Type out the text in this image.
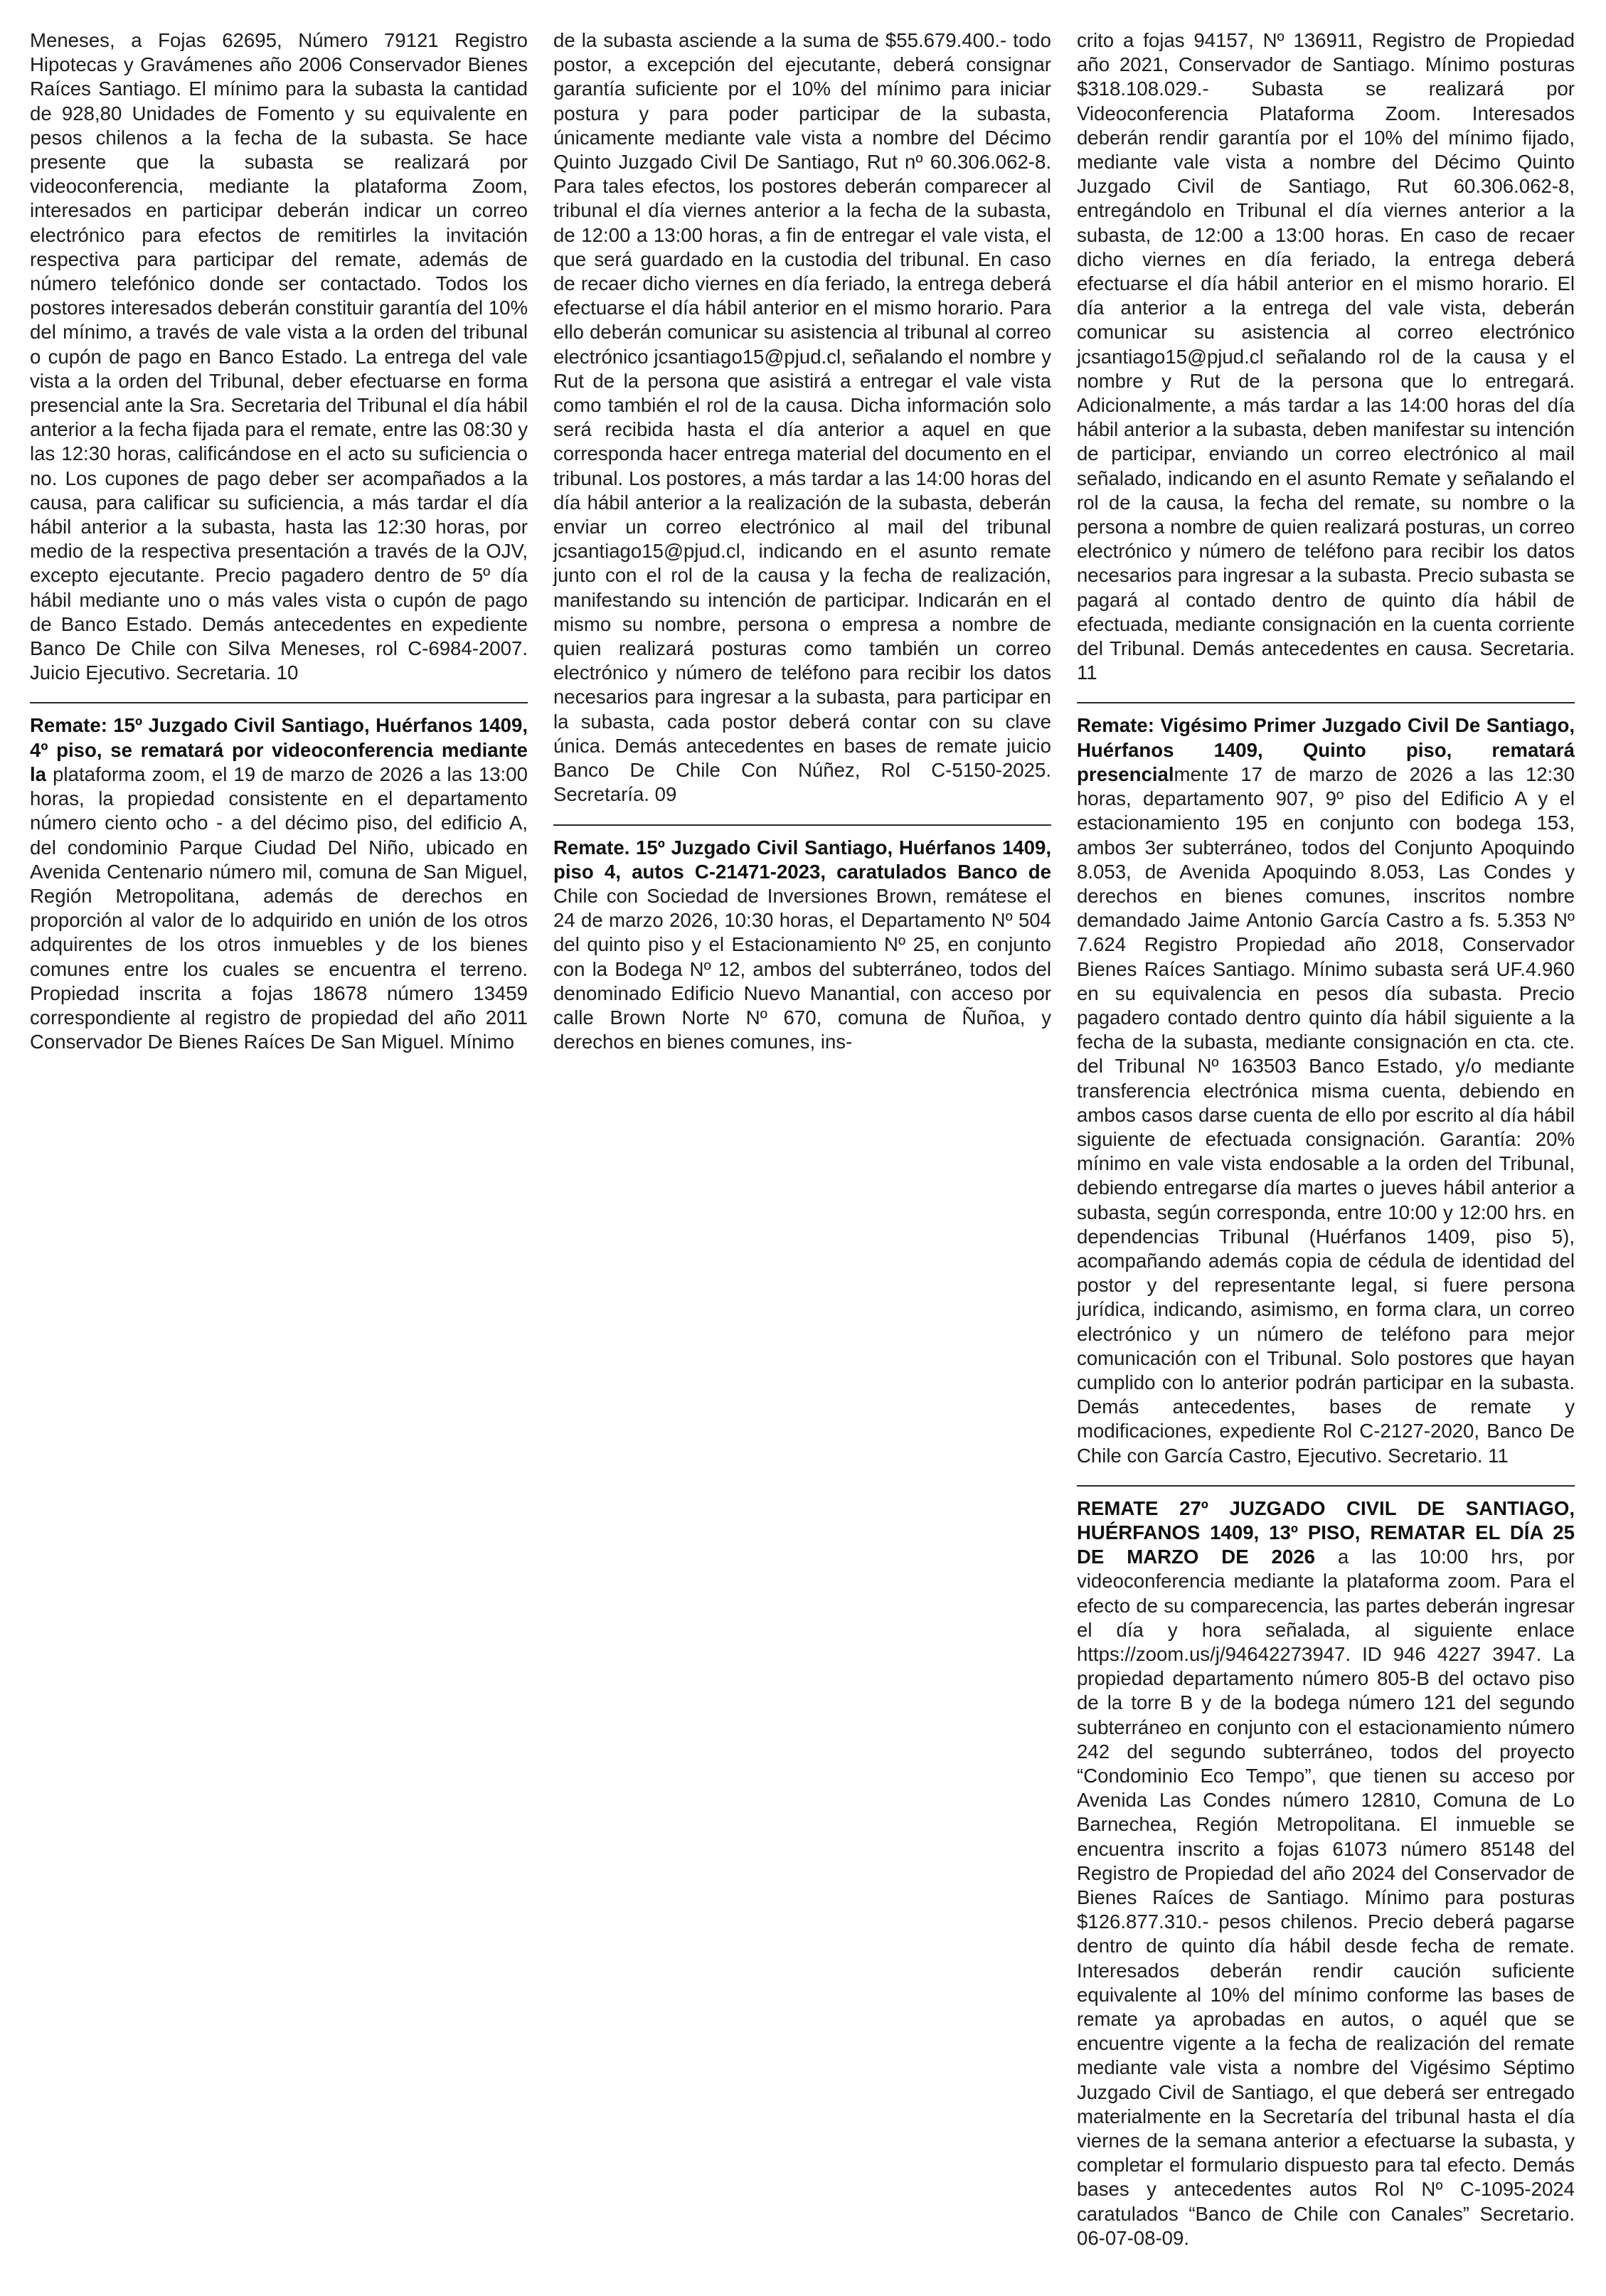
Meneses, a Fojas 62695, Número 79121 Registro Hipotecas y Gravámenes año 2006 Conservador Bienes Raíces Santiago. El mínimo para la subasta la cantidad de 928,80 Unidades de Fomento y su equivalente en pesos chilenos a la fecha de la subasta. Se hace presente que la subasta se realizará por videoconferencia, mediante la plataforma Zoom, interesados en participar deberán indicar un correo electrónico para efectos de remitirles la invitación respectiva para participar del remate, además de número telefónico donde ser contactado. Todos los postores interesados deberán constituir garantía del 10% del mínimo, a través de vale vista a la orden del tribunal o cupón de pago en Banco Estado. La entrega del vale vista a la orden del Tribunal, deber efectuarse en forma presencial ante la Sra. Secretaria del Tribunal el día hábil anterior a la fecha fijada para el remate, entre las 08:30 y las 12:30 horas, calificándose en el acto su suficiencia o no. Los cupones de pago deber ser acompañados a la causa, para calificar su suficiencia, a más tardar el día hábil anterior a la subasta, hasta las 12:30 horas, por medio de la respectiva presentación a través de la OJV, excepto ejecutante. Precio pagadero dentro de 5º día hábil mediante uno o más vales vista o cupón de pago de Banco Estado. Demás antecedentes en expediente Banco De Chile con Silva Meneses, rol C-6984-2007. Juicio Ejecutivo. Secretaria. 10

Remate: 15º Juzgado Civil Santiago, Huérfanos 1409, 4º piso, se rematará por videoconferencia mediante la plataforma zoom, el 19 de marzo de 2026 a las 13:00 horas, la propiedad consistente en el departamento número ciento ocho - a del décimo piso, del edificio A, del condominio Parque Ciudad Del Niño, ubicado en Avenida Centenario número mil, comuna de San Miguel, Región Metropolitana, además de derechos en proporción al valor de lo adquirido en unión de los otros adquirentes de los otros inmuebles y de los bienes comunes entre los cuales se encuentra el terreno. Propiedad inscrita a fojas 18678 número 13459 correspondiente al registro de propiedad del año 2011 Conservador De Bienes Raíces De San Miguel. Mínimo

de la subasta asciende a la suma de $55.679.400.- todo postor, a excepción del ejecutante, deberá consignar garantía suficiente por el 10% del mínimo para iniciar postura y para poder participar de la subasta, únicamente mediante vale vista a nombre del Décimo Quinto Juzgado Civil De Santiago, Rut nº 60.306.062-8. Para tales efectos, los postores deberán comparecer al tribunal el día viernes anterior a la fecha de la subasta, de 12:00 a 13:00 horas, a fin de entregar el vale vista, el que será guardado en la custodia del tribunal. En caso de recaer dicho viernes en día feriado, la entrega deberá efectuarse el día hábil anterior en el mismo horario. Para ello deberán comunicar su asistencia al tribunal al correo electrónico jcsantiago15@pjud.cl, señalando el nombre y Rut de la persona que asistirá a entregar el vale vista como también el rol de la causa. Dicha información solo será recibida hasta el día anterior a aquel en que corresponda hacer entrega material del documento en el tribunal. Los postores, a más tardar a las 14:00 horas del día hábil anterior a la realización de la subasta, deberán enviar un correo electrónico al mail del tribunal jcsantiago15@pjud.cl, indicando en el asunto remate junto con el rol de la causa y la fecha de realización, manifestando su intención de participar. Indicarán en el mismo su nombre, persona o empresa a nombre de quien realizará posturas como también un correo electrónico y número de teléfono para recibir los datos necesarios para ingresar a la subasta, para participar en la subasta, cada postor deberá contar con su clave única. Demás antecedentes en bases de remate juicio Banco De Chile Con Núñez, Rol C-5150-2025. Secretaría. 09

Remate. 15º Juzgado Civil Santiago, Huérfanos 1409, piso 4, autos C-21471-2023, caratulados Banco de Chile con Sociedad de Inversiones Brown, remátese el 24 de marzo 2026, 10:30 horas, el Departamento Nº 504 del quinto piso y el Estacionamiento Nº 25, en conjunto con la Bodega Nº 12, ambos del subterráneo, todos del denominado Edificio Nuevo Manantial, con acceso por calle Brown Norte Nº 670, comuna de Ñuñoa, y derechos en bienes comunes, ins-

crito a fojas 94157, Nº 136911, Registro de Propiedad año 2021, Conservador de Santiago. Mínimo posturas $318.108.029.- Subasta se realizará por Videoconferencia Plataforma Zoom. Interesados deberán rendir garantía por el 10% del mínimo fijado, mediante vale vista a nombre del Décimo Quinto Juzgado Civil de Santiago, Rut 60.306.062-8, entregándolo en Tribunal el día viernes anterior a la subasta, de 12:00 a 13:00 horas. En caso de recaer dicho viernes en día feriado, la entrega deberá efectuarse el día hábil anterior en el mismo horario. El día anterior a la entrega del vale vista, deberán comunicar su asistencia al correo electrónico jcsantiago15@pjud.cl señalando rol de la causa y el nombre y Rut de la persona que lo entregará. Adicionalmente, a más tardar a las 14:00 horas del día hábil anterior a la subasta, deben manifestar su intención de participar, enviando un correo electrónico al mail señalado, indicando en el asunto Remate y señalando el rol de la causa, la fecha del remate, su nombre o la persona a nombre de quien realizará posturas, un correo electrónico y número de teléfono para recibir los datos necesarios para ingresar a la subasta. Precio subasta se pagará al contado dentro de quinto día hábil de efectuada, mediante consignación en la cuenta corriente del Tribunal. Demás antecedentes en causa. Secretaria. 11

Remate: Vigésimo Primer Juzgado Civil De Santiago, Huérfanos 1409, Quinto piso, rematará presencialmente 17 de marzo de 2026 a las 12:30 horas, departamento 907, 9º piso del Edificio A y el estacionamiento 195 en conjunto con bodega 153, ambos 3er subterráneo, todos del Conjunto Apoquindo 8.053, de Avenida Apoquindo 8.053, Las Condes y derechos en bienes comunes, inscritos nombre demandado Jaime Antonio García Castro a fs. 5.353 Nº 7.624 Registro Propiedad año 2018, Conservador Bienes Raíces Santiago. Mínimo subasta será UF.4.960 en su equivalencia en pesos día subasta. Precio pagadero contado dentro quinto día hábil siguiente a la fecha de la subasta, mediante consignación en cta. cte. del Tribunal Nº 163503 Banco Estado, y/o mediante transferencia electrónica misma cuenta, debiendo en ambos casos darse cuenta de ello por escrito al día hábil siguiente de efectuada consignación. Garantía: 20% mínimo en vale vista endosable a la orden del Tribunal, debiendo entregarse día martes o jueves hábil anterior a subasta, según corresponda, entre 10:00 y 12:00 hrs. en dependencias Tribunal (Huérfanos 1409, piso 5), acompañando además copia de cédula de identidad del postor y del representante legal, si fuere persona jurídica, indicando, asimismo, en forma clara, un correo electrónico y un número de teléfono para mejor comunicación con el Tribunal. Solo postores que hayan cumplido con lo anterior podrán participar en la subasta. Demás antecedentes, bases de remate y modificaciones, expediente Rol C-2127-2020, Banco De Chile con García Castro, Ejecutivo. Secretario. 11

REMATE 27º JUZGADO CIVIL DE SANTIAGO, HUÉRFANOS 1409, 13º PISO, REMATAR EL DÍA 25 DE MARZO DE 2026 a las 10:00 hrs, por videoconferencia mediante la plataforma zoom. Para el efecto de su comparecencia, las partes deberán ingresar el día y hora señalada, al siguiente enlace https://zoom.us/j/94642273947. ID 946 4227 3947. La propiedad departamento número 805-B del octavo piso de la torre B y de la bodega número 121 del segundo subterráneo en conjunto con el estacionamiento número 242 del segundo subterráneo, todos del proyecto “Condominio Eco Tempo”, que tienen su acceso por Avenida Las Condes número 12810, Comuna de Lo Barnechea, Región Metropolitana. El inmueble se encuentra inscrito a fojas 61073 número 85148 del Registro de Propiedad del año 2024 del Conservador de Bienes Raíces de Santiago. Mínimo para posturas $126.877.310.- pesos chilenos. Precio deberá pagarse dentro de quinto día hábil desde fecha de remate. Interesados deberán rendir caución suficiente equivalente al 10% del mínimo conforme las bases de remate ya aprobadas en autos, o aquél que se encuentre vigente a la fecha de realización del remate mediante vale vista a nombre del Vigésimo Séptimo Juzgado Civil de Santiago, el que deberá ser entregado materialmente en la Secretaría del tribunal hasta el día viernes de la semana anterior a efectuarse la subasta, y completar el formulario dispuesto para tal efecto. Demás bases y antecedentes autos Rol Nº C-1095-2024 caratulados “Banco de Chile con Canales” Secretario. 06-07-08-09.
